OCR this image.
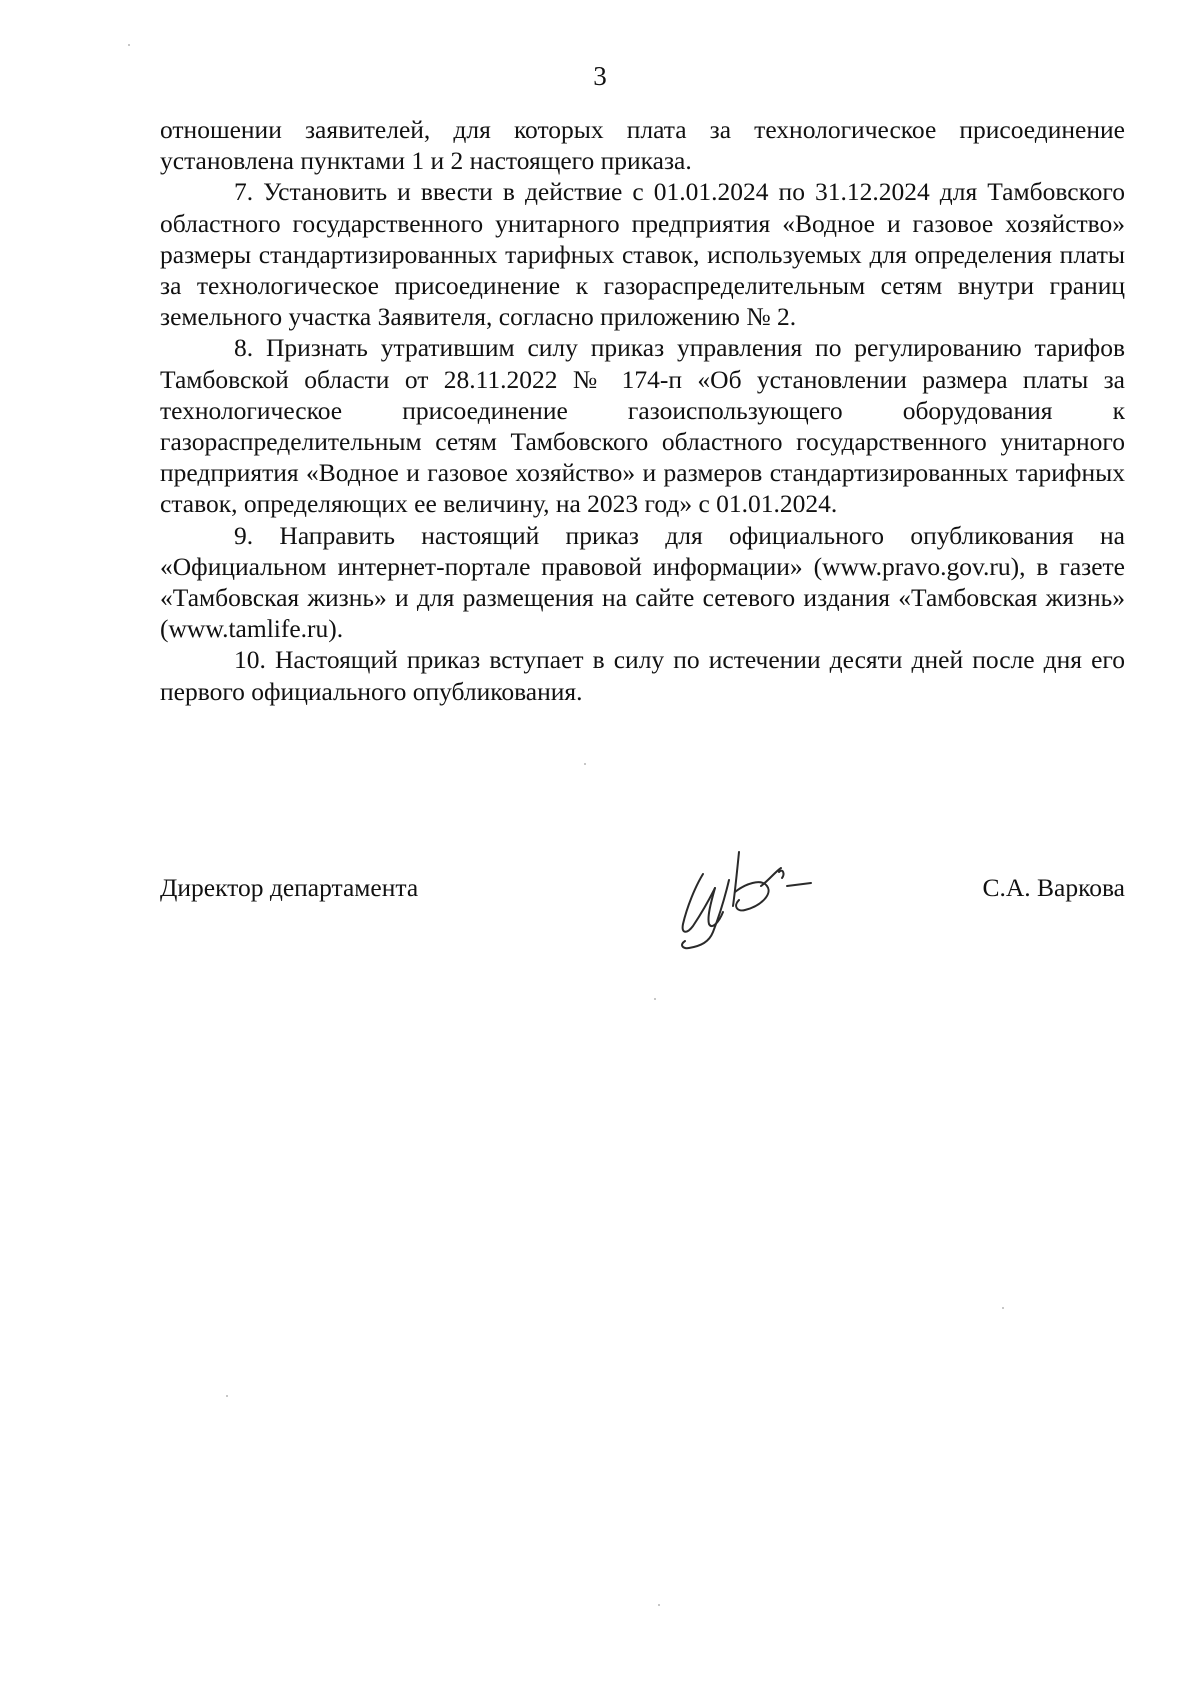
3

отношении заявителей, для которых плата за технологическое присоединение установлена пунктами 1 и 2 настоящего приказа.

7. Установить и ввести в действие с 01.01.2024 по 31.12.2024 для Тамбовского областного государственного унитарного предприятия «Водное и газовое хозяйство» размеры стандартизированных тарифных ставок, используемых для определения платы за технологическое присоединение к газораспределительным сетям внутри границ земельного участка Заявителя, согласно приложению № 2.

8. Признать утратившим силу приказ управления по регулированию тарифов Тамбовской области от 28.11.2022 № 174-п «Об установлении размера платы за технологическое присоединение газоиспользующего оборудования к газораспределительным сетям Тамбовского областного государственного унитарного предприятия «Водное и газовое хозяйство» и размеров стандартизированных тарифных ставок, определяющих ее величину, на 2023 год» с 01.01.2024.

9. Направить настоящий приказ для официального опубликования на «Официальном интернет-портале правовой информации» (www.pravo.gov.ru), в газете «Тамбовская жизнь» и для размещения на сайте сетевого издания «Тамбовская жизнь» (www.tamlife.ru).

10. Настоящий приказ вступает в силу по истечении десяти дней после дня его первого официального опубликования.

Директор департамента	С.А. Варкова
